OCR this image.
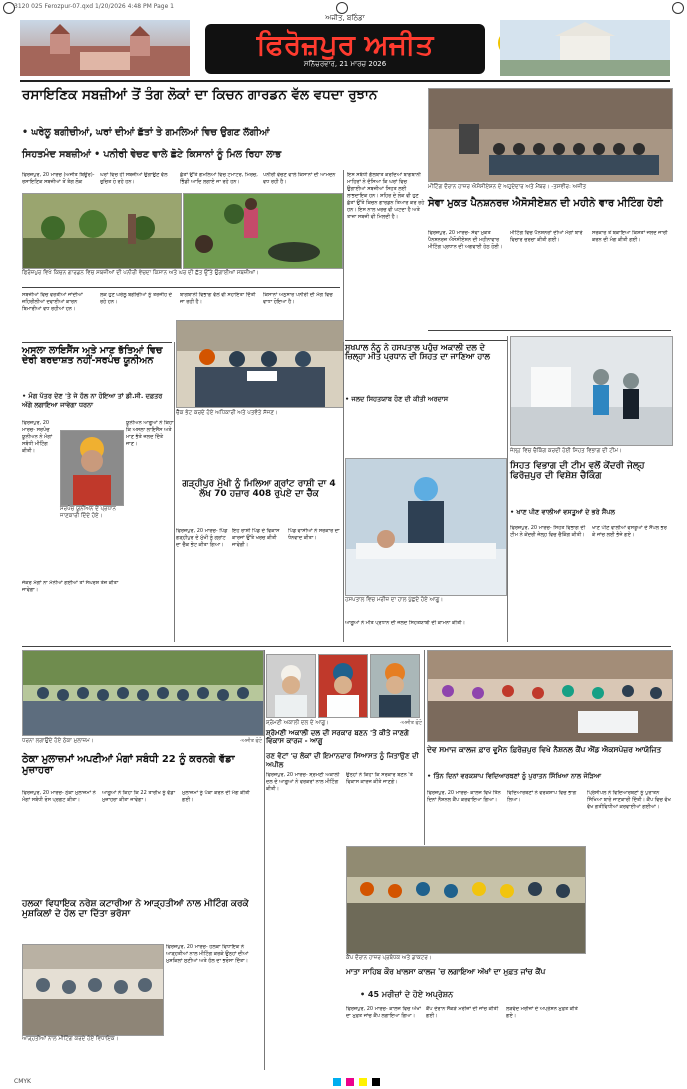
3120 025 Ferozpur-07.qxd 1/20/2026 4:48 PM Page 1
ਅਜੀਤ, ਬਠਿੰਡਾ
ਫਿਰੋਜ਼ਪੁਰ ਅਜੀਤ
ਸਨਿੱਚਰਵਾਰ, 21 ਮਾਰਚ 2026
ਰਸਾਇਣਿਕ ਸਬਜ਼ੀਆਂ ਤੋਂ ਤੰਗ ਲੋਕਾਂ ਦਾ ਕਿਚਨ ਗਾਰਡਨ ਵੱਲ ਵਧਦਾ ਰੁਝਾਨ
• ਘਰੇਲੂ ਬਗੀਚੀਆਂ, ਘਰਾਂ ਦੀਆਂ ਛੱਤਾਂ ਤੇ ਗਮਲਿਆਂ ਵਿਚ ਉਗਣ ਲੱਗੀਆਂ
ਸਿਹਤਮੰਦ ਸਬਜ਼ੀਆਂ • ਪਨੀਰੀ ਵੇਚਣ ਵਾਲੇ ਛੋਟੇ ਕਿਸਾਨਾਂ ਨੂੰ ਮਿਲ ਰਿਹਾ ਲਾਭ
ਫਿਰੋਜ਼ਪੁਰ, 20 ਮਾਰਚ (ਅਜੀਤ ਬਿਊਰੋ)- ਰਸਾਇਣਿਕ ਸਬਜ਼ੀਆਂ ਤੋਂ ਤੰਗ ਲੋਕ
ਘਰਾਂ ਵਿਚ ਹੀ ਸਬਜ਼ੀਆਂ ਉਗਾਉਣ ਵੱਲ ਰੁਚਿਤ ਹੋ ਰਹੇ ਹਨ।
ਛੱਤਾਂ ਉੱਤੇ ਗਮਲਿਆਂ ਵਿਚ ਟਮਾਟਰ, ਮਿਰਚ, ਭਿੰਡੀ ਆਦਿ ਲਗਾਏ ਜਾ ਰਹੇ ਹਨ।
ਪਨੀਰੀ ਵੇਚਣ ਵਾਲੇ ਕਿਸਾਨਾਂ ਦੀ ਆਮਦਨ ਵਧ ਰਹੀ ਹੈ।
ਫਿਰੋਜ਼ਪੁਰ ਵਿਖੇ ਕਿਚਨ ਗਾਰਡਨ ਵਿਚ ਸਬਜ਼ੀਆਂ ਦੀ ਪਨੀਰੀ ਵੇਚਦਾ ਕਿਸਾਨ ਅਤੇ ਘਰ ਦੀ ਛੱਤ ਉੱਤੇ ਉਗਾਈਆਂ ਸਬਜ਼ੀਆਂ।
ਸਬਜ਼ੀਆਂ ਵਿਚ ਵਰਤੀਆਂ ਜਾਂਦੀਆਂ ਜ਼ਹਿਰੀਲੀਆਂ ਦਵਾਈਆਂ ਕਾਰਨ ਬਿਮਾਰੀਆਂ ਵਧ ਰਹੀਆਂ ਹਨ।
ਲੋਕ ਹੁਣ ਘਰੇਲੂ ਬਗੀਚੀਆਂ ਨੂੰ ਤਰਜੀਹ ਦੇ ਰਹੇ ਹਨ।
ਬਾਗਬਾਨੀ ਵਿਭਾਗ ਵੱਲੋਂ ਵੀ ਸਹਾਇਤਾ ਦਿੱਤੀ ਜਾ ਰਹੀ ਹੈ।
ਕਿਸਾਨਾਂ ਅਨੁਸਾਰ ਪਨੀਰੀ ਦੀ ਮੰਗ ਵਿਚ ਵਾਧਾ ਹੋਇਆ ਹੈ।
ਇਸ ਸਬੰਧੀ ਗੱਲਬਾਤ ਕਰਦਿਆਂ ਬਾਗਬਾਨੀ ਮਾਹਿਰਾਂ ਨੇ ਦੱਸਿਆ ਕਿ ਘਰਾਂ ਵਿਚ ਉਗਾਈਆਂ ਸਬਜ਼ੀਆਂ ਸਿਹਤ ਲਈ ਲਾਭਦਾਇਕ ਹਨ। ਸ਼ਹਿਰ ਦੇ ਲੋਕ ਵੀ ਹੁਣ ਛੱਤਾਂ ਉੱਤੇ ਕਿਚਨ ਗਾਰਡਨ ਤਿਆਰ ਕਰ ਰਹੇ ਹਨ। ਇਸ ਨਾਲ ਖਰਚ ਵੀ ਘਟਦਾ ਹੈ ਅਤੇ ਤਾਜ਼ਾ ਸਬਜ਼ੀ ਵੀ ਮਿਲਦੀ ਹੈ।
ਮੀਟਿੰਗ ਦੌਰਾਨ ਹਾਜ਼ਰ ਐਸੋਸੀਏਸ਼ਨ ਦੇ ਅਹੁਦੇਦਾਰ ਅਤੇ ਮੈਂਬਰ। -ਤਸਵੀਰ: ਅਜੀਤ
ਸੇਵਾ ਮੁਕਤ ਪੈਨਸ਼ਨਰਜ਼ ਐਸੋਸੀਏਸ਼ਨ ਦੀ ਮਹੀਨੇ ਵਾਰ ਮੀਟਿੰਗ ਹੋਈ
ਫਿਰੋਜ਼ਪੁਰ, 20 ਮਾਰਚ- ਸੇਵਾ ਮੁਕਤ ਪੈਨਸ਼ਨਰਜ਼ ਐਸੋਸੀਏਸ਼ਨ ਦੀ ਮਹੀਨਾਵਾਰ ਮੀਟਿੰਗ ਪ੍ਰਧਾਨ ਦੀ ਅਗਵਾਈ ਹੇਠ ਹੋਈ।
ਮੀਟਿੰਗ ਵਿਚ ਪੈਨਸ਼ਨਰਾਂ ਦੀਆਂ ਮੰਗਾਂ ਬਾਰੇ ਵਿਚਾਰ ਚਰਚਾ ਕੀਤੀ ਗਈ।
ਸਰਕਾਰ ਤੋਂ ਬਕਾਇਆ ਕਿਸ਼ਤਾਂ ਜਲਦ ਜਾਰੀ ਕਰਨ ਦੀ ਮੰਗ ਕੀਤੀ ਗਈ।
ਅਸਲਾ ਲਾਇਸੈਂਸ ਅਤੇ ਮਾਣ ਭੱਤਿਆਂ ਵਿਚ ਦੇਰੀ ਬਰਦਾਸ਼ਤ ਨਹੀਂ-ਸਰਪੰਚ ਯੂਨੀਅਨ
• ਮੰਗ ਪੱਤਰ ਦੇਣ 'ਤੇ ਜੇ ਹੱਲ ਨਾ ਹੋਇਆ ਤਾਂ ਡੀ.ਸੀ. ਦਫ਼ਤਰ ਅੱਗੇ ਲਗਾਇਆ ਜਾਵੇਗਾ ਧਰਨਾ
ਫਿਰੋਜ਼ਪੁਰ, 20 ਮਾਰਚ- ਸਰਪੰਚ ਯੂਨੀਅਨ ਨੇ ਮੰਗਾਂ ਸਬੰਧੀ ਮੀਟਿੰਗ ਕੀਤੀ।
ਸਰਪੰਚ ਯੂਨੀਅਨ ਦੇ ਪ੍ਰਧਾਨ ਜਾਣਕਾਰੀ ਦਿੰਦੇ ਹੋਏ।
ਯੂਨੀਅਨ ਆਗੂਆਂ ਨੇ ਕਿਹਾ ਕਿ ਅਸਲਾ ਲਾਇਸੈਂਸ ਅਤੇ ਮਾਣ ਭੱਤੇ ਜਲਦ ਦਿੱਤੇ ਜਾਣ।
ਜੇਕਰ ਮੰਗਾਂ ਨਾ ਮੰਨੀਆਂ ਗਈਆਂ ਤਾਂ ਸੰਘਰਸ਼ ਤੇਜ਼ ਕੀਤਾ ਜਾਵੇਗਾ।
ਚੈੱਕ ਭੇਟ ਕਰਦੇ ਹੋਏ ਅਧਿਕਾਰੀ ਅਤੇ ਪਤਵੰਤੇ ਸੱਜਣ।
ਗੜ੍ਹੀਪੁਰ ਮੁੱਖੀ ਨੂੰ ਮਿਲਿਆ ਗ੍ਰਾਂਟ ਰਾਸ਼ੀ ਦਾ 4 ਲੱਖ 70 ਹਜ਼ਾਰ 408 ਰੁਪਏ ਦਾ ਚੈੱਕ
ਫਿਰੋਜ਼ਪੁਰ, 20 ਮਾਰਚ- ਪਿੰਡ ਗੜ੍ਹੀਪੁਰ ਦੇ ਮੁੱਖੀ ਨੂੰ ਗ੍ਰਾਂਟ ਦਾ ਚੈੱਕ ਭੇਟ ਕੀਤਾ ਗਿਆ।
ਇਹ ਰਾਸ਼ੀ ਪਿੰਡ ਦੇ ਵਿਕਾਸ ਕਾਰਜਾਂ ਉੱਤੇ ਖਰਚ ਕੀਤੀ ਜਾਵੇਗੀ।
ਪਿੰਡ ਵਾਸੀਆਂ ਨੇ ਸਰਕਾਰ ਦਾ ਧੰਨਵਾਦ ਕੀਤਾ।
ਸੁਖਪਾਲ ਨੰਨੂ ਨੇ ਹਸਪਤਾਲ ਪਹੁੰਚ ਅਕਾਲੀ ਦਲ ਦੇ ਜ਼ਿਲ੍ਹਾ ਮੀਤ ਪ੍ਰਧਾਨ ਦੀ ਸਿਹਤ ਦਾ ਜਾਣਿਆ ਹਾਲ
• ਜਲਦ ਸਿਹਤਯਾਬ ਹੋਣ ਦੀ ਕੀਤੀ ਅਰਦਾਸ
ਹਸਪਤਾਲ ਵਿਚ ਮਰੀਜ਼ ਦਾ ਹਾਲ ਪੁੱਛਦੇ ਹੋਏ ਆਗੂ।
ਆਗੂਆਂ ਨੇ ਮੀਤ ਪ੍ਰਧਾਨ ਦੀ ਜਲਦ ਸਿਹਤਯਾਬੀ ਦੀ ਕਾਮਨਾ ਕੀਤੀ।
ਜੇਲ੍ਹ ਵਿਚ ਚੈਕਿੰਗ ਕਰਦੀ ਹੋਈ ਸਿਹਤ ਵਿਭਾਗ ਦੀ ਟੀਮ।
ਸਿਹਤ ਵਿਭਾਗ ਦੀ ਟੀਮ ਵਲੋਂ ਕੇਂਦਰੀ ਜੇਲ੍ਹ ਫਿਰੋਜ਼ਪੁਰ ਦੀ ਵਿਸ਼ੇਸ਼ ਚੈਕਿੰਗ
• ਖਾਣ ਪੀਣ ਵਾਲੀਆਂ ਵਸਤੂਆਂ ਦੇ ਭਰੇ ਸੈਂਪਲ
ਫਿਰੋਜ਼ਪੁਰ, 20 ਮਾਰਚ- ਸਿਹਤ ਵਿਭਾਗ ਦੀ ਟੀਮ ਨੇ ਕੇਂਦਰੀ ਜੇਲ੍ਹ ਵਿਚ ਚੈਕਿੰਗ ਕੀਤੀ।
ਖਾਣ ਪੀਣ ਵਾਲੀਆਂ ਵਸਤੂਆਂ ਦੇ ਸੈਂਪਲ ਭਰ ਕੇ ਜਾਂਚ ਲਈ ਭੇਜੇ ਗਏ।
ਧਰਨਾ ਲਗਾਉਂਦੇ ਹੋਏ ਠੇਕਾ ਮੁਲਾਜ਼ਮ।	-ਅਜੀਤ ਫੋਟੋ
ਸ਼੍ਰੋਮਣੀ ਅਕਾਲੀ ਦਲ ਦੇ ਆਗੂ।	-ਅਜੀਤ ਫੋਟੋ
ਠੇਕਾ ਮੁਲਾਜ਼ਮਾਂ ਅਪਣੀਆਂ ਮੰਗਾਂ ਸਬੰਧੀ 22 ਨੂੰ ਕਰਨਗੇ ਵੱਡਾ ਮੁਜ਼ਾਹਰਾ
ਰਣ ਵੋਟਾਂ 'ਚ ਲੋਕਾਂ ਦੀ ਇਮਾਨਦਾਰ ਸਿਆਸਤ ਨੂੰ ਜਿਤਾਉਣ ਦੀ ਅਪੀਲ
ਸ਼੍ਰੋਮਣੀ ਅਕਾਲੀ ਦਲ ਦੀ ਸਰਕਾਰ ਬਣਨ 'ਤੇ ਕੀਤੇ ਜਾਣਗੇ ਵਿਕਾਸ ਕਾਰਜ - ਆਗੂ
ਦੇਵ ਸਮਾਜ ਕਾਲਜ ਫ਼ਾਰ ਵੂਮੈਨ ਫ਼ਿਰੋਜ਼ਪੁਰ ਵਿਖੇ ਨੈਸ਼ਨਲ ਕੈਂਪ ਐਂਡ ਐਕਸਪੋਜ਼ਰ ਆਯੋਜਿਤ
• ਤਿੰਨ ਦਿਨਾਂ ਵਰਕਸ਼ਾਪ ਵਿਦਿਆਰਥਣਾਂ ਨੂੰ ਪੁਰਾਤਨ ਸਿੱਖਿਆ ਨਾਲ ਜੋੜਿਆ
ਫਿਰੋਜ਼ਪੁਰ, 20 ਮਾਰਚ- ਠੇਕਾ ਮੁਲਾਜ਼ਮਾਂ ਨੇ ਮੰਗਾਂ ਸਬੰਧੀ ਰੋਸ ਪ੍ਰਗਟ ਕੀਤਾ।
ਆਗੂਆਂ ਨੇ ਕਿਹਾ ਕਿ 22 ਤਾਰੀਖ ਨੂੰ ਵੱਡਾ ਮੁਜ਼ਾਹਰਾ ਕੀਤਾ ਜਾਵੇਗਾ।
ਮੁਲਾਜ਼ਮਾਂ ਨੂੰ ਪੱਕਾ ਕਰਨ ਦੀ ਮੰਗ ਕੀਤੀ ਗਈ।
ਫਿਰੋਜ਼ਪੁਰ, 20 ਮਾਰਚ- ਸ਼੍ਰੋਮਣੀ ਅਕਾਲੀ ਦਲ ਦੇ ਆਗੂਆਂ ਨੇ ਵਰਕਰਾਂ ਨਾਲ ਮੀਟਿੰਗ ਕੀਤੀ।
ਉਨ੍ਹਾਂ ਨੇ ਕਿਹਾ ਕਿ ਸਰਕਾਰ ਬਣਨ 'ਤੇ ਵਿਕਾਸ ਕਾਰਜ ਕੀਤੇ ਜਾਣਗੇ।
ਫਿਰੋਜ਼ਪੁਰ, 20 ਮਾਰਚ- ਕਾਲਜ ਵਿਖੇ ਤਿੰਨ ਦਿਨਾਂ ਨੈਸ਼ਨਲ ਕੈਂਪ ਕਰਵਾਇਆ ਗਿਆ।
ਵਿਦਿਆਰਥਣਾਂ ਨੇ ਵਰਕਸ਼ਾਪ ਵਿਚ ਭਾਗ ਲਿਆ।
ਪ੍ਰਿੰਸੀਪਲ ਨੇ ਵਿਦਿਆਰਥਣਾਂ ਨੂੰ ਪੁਰਾਤਨ ਸਿੱਖਿਆ ਬਾਰੇ ਜਾਣਕਾਰੀ ਦਿੱਤੀ। ਕੈਂਪ ਵਿਚ ਵੱਖ ਵੱਖ ਗਤੀਵਿਧੀਆਂ ਕਰਵਾਈਆਂ ਗਈਆਂ।
ਹਲਕਾ ਵਿਧਾਇਕ ਨਰੇਸ਼ ਕਟਾਰੀਆ ਨੇ ਆੜ੍ਹਤੀਆਂ ਨਾਲ ਮੀਟਿੰਗ ਕਰਕੇ ਮੁਸ਼ਕਿਲਾਂ ਦੇ ਹੱਲ ਦਾ ਦਿੱਤਾ ਭਰੋਸਾ
ਆੜ੍ਹਤੀਆਂ ਨਾਲ ਮੀਟਿੰਗ ਕਰਦੇ ਹੋਏ ਵਿਧਾਇਕ।
ਫਿਰੋਜ਼ਪੁਰ, 20 ਮਾਰਚ- ਹਲਕਾ ਵਿਧਾਇਕ ਨੇ ਆੜ੍ਹਤੀਆਂ ਨਾਲ ਮੀਟਿੰਗ ਕਰਕੇ ਉਨ੍ਹਾਂ ਦੀਆਂ ਮੁਸ਼ਕਿਲਾਂ ਸੁਣੀਆਂ ਅਤੇ ਹੱਲ ਦਾ ਭਰੋਸਾ ਦਿੱਤਾ।	ਕੈਂਪ ਦੌਰਾਨ ਹਾਜ਼ਰ ਪ੍ਰਬੰਧਕ ਅਤੇ ਡਾਕਟਰ।
ਮਾਤਾ ਸਾਹਿਬ ਕੌਰ ਖ਼ਾਲਸਾ ਕਾਲਜ 'ਚ ਲਗਾਇਆ ਅੱਖਾਂ ਦਾ ਮੁਫ਼ਤ ਜਾਂਚ ਕੈਂਪ
• 45 ਮਰੀਜ਼ਾਂ ਦੇ ਹੋਏ ਅਪ੍ਰੇਸ਼ਨ
ਫਿਰੋਜ਼ਪੁਰ, 20 ਮਾਰਚ- ਕਾਲਜ ਵਿਚ ਅੱਖਾਂ ਦਾ ਮੁਫ਼ਤ ਜਾਂਚ ਕੈਂਪ ਲਗਾਇਆ ਗਿਆ।
ਕੈਂਪ ਦੌਰਾਨ ਸੈਂਕੜੇ ਮਰੀਜ਼ਾਂ ਦੀ ਜਾਂਚ ਕੀਤੀ ਗਈ।
ਲੋੜਵੰਦ ਮਰੀਜ਼ਾਂ ਦੇ ਅਪ੍ਰੇਸ਼ਨ ਮੁਫ਼ਤ ਕੀਤੇ ਗਏ।
CMYK
